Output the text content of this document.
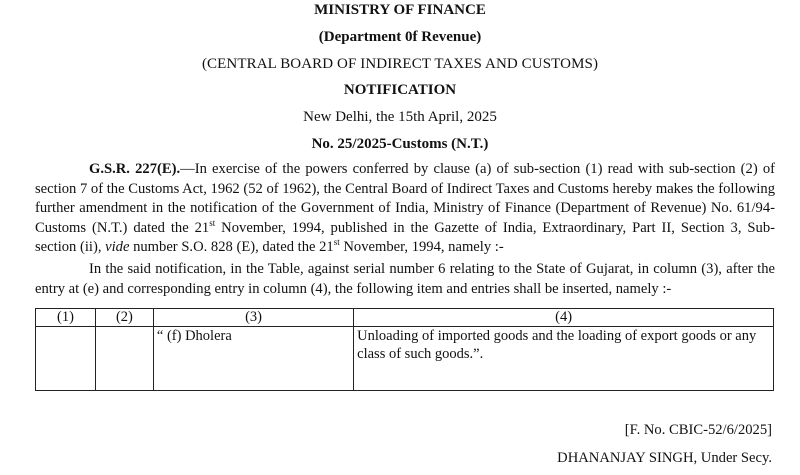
MINISTRY OF FINANCE
(Department 0f Revenue)
(CENTRAL BOARD OF INDIRECT TAXES AND CUSTOMS)
NOTIFICATION
New Delhi, the 15th April, 2025
No. 25/2025-Customs (N.T.)
G.S.R. 227(E).—In exercise of the powers conferred by clause (a) of sub-section (1) read with sub-section (2) of section 7 of the Customs Act, 1962 (52 of 1962), the Central Board of Indirect Taxes and Customs hereby makes the following further amendment in the notification of the Government of India, Ministry of Finance (Department of Revenue) No. 61/94-Customs (N.T.) dated the 21st November, 1994, published in the Gazette of India, Extraordinary, Part II, Section 3, Sub-section (ii), vide number S.O. 828 (E), dated the 21st November, 1994, namely :-
In the said notification, in the Table, against serial number 6 relating to the State of Gujarat, in column (3), after the entry at (e) and corresponding entry in column (4), the following item and entries shall be inserted, namely :-
(1)	(2)	(3)	(4)
		“ (f) Dholera	Unloading of imported goods and the loading of export goods or any class of such goods.”.
[F. No. CBIC-52/6/2025]
DHANANJAY SINGH, Under Secy.
